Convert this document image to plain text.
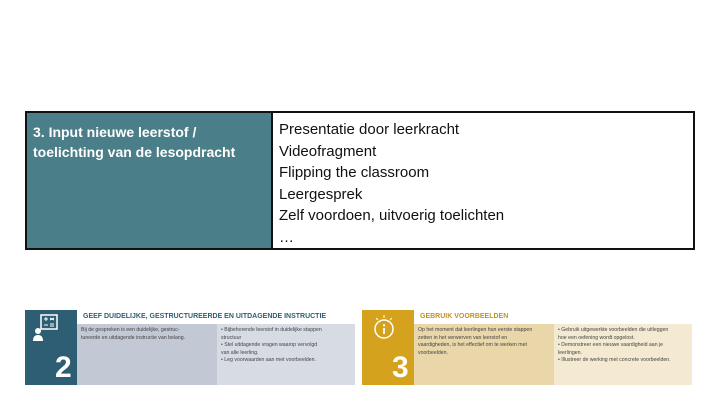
3. Input nieuwe leerstof /
toelichting van de lesopdracht
Presentatie door leerkracht
Videofragment
Flipping the classroom
Leergesprek
Zelf voordoen, uitvoerig toelichten
…
2
GEEF DUIDELIJKE, GESTRUCTUREERDE EN UITDAGENDE INSTRUCTIE
Bij de gespreken is een duidelijke, gestruc-
tureerde en uitdagende instructie van belang.
• Bijbehorende leerstof in duidelijke stappen
structuur
• Stel uitdagende vragen waarop vervolgd
van alle leerling.
• Leg voorwaarden aan met voorbeelden.	3
GEBRUIK VOORBEELDEN
Op het moment dat leerlingen hun eerste stappen
zetten in het verwerven van leerstof en
vaardigheden, is het effectief om te werken met
voorbeelden.
• Gebruik uitgewerkte voorbeelden die uitleggen
hoe een oefening wordt opgelost.
• Demonstreer een nieuwe vaardigheid aan je
leerlingen.
• Illustreer de werking met concrete voorbeelden.
